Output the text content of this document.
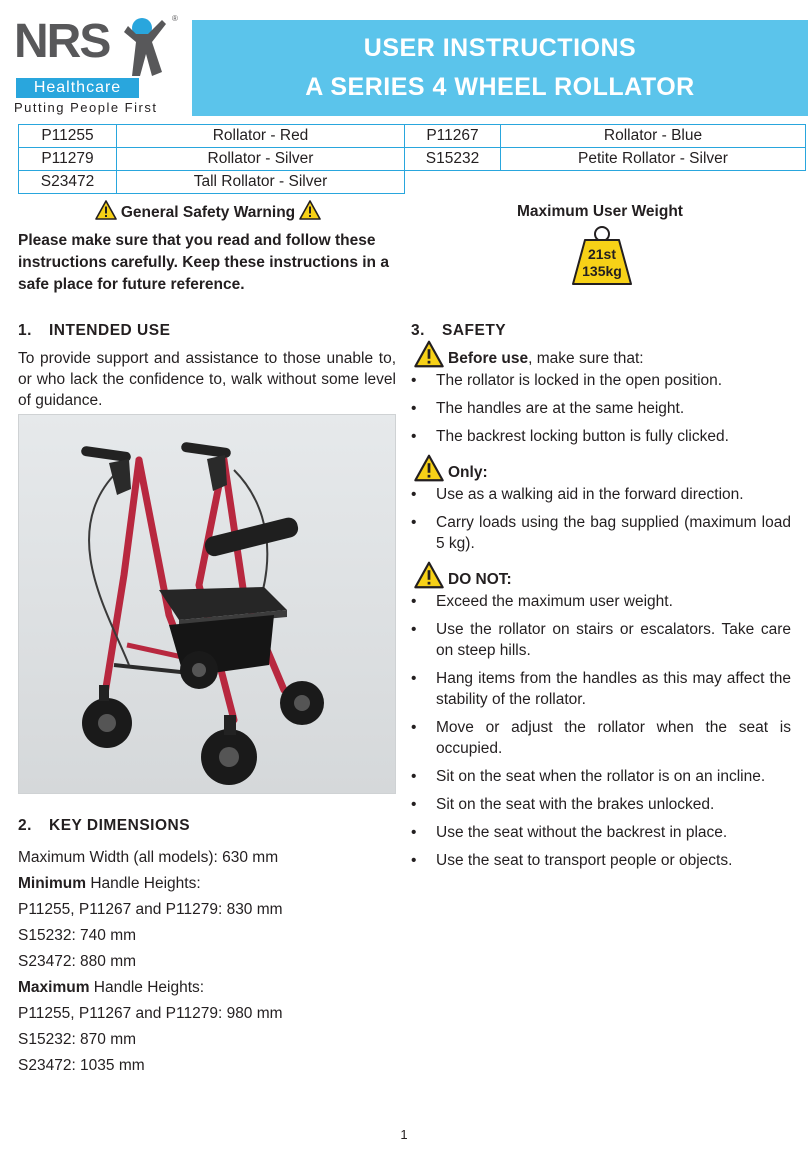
NRS	®
Healthcare
Putting People First
USER INSTRUCTIONS
A SERIES 4 WHEEL ROLLATOR
P11255	Rollator - Red	P11267	Rollator - Blue
P11279	Rollator - Silver	S15232	Petite Rollator - Silver
S23472	Tall Rollator - Silver		
General Safety Warning
Please make sure that you read and follow these instructions carefully. Keep these instructions in a safe place for future reference.
Maximum User Weight
21st
135kg
1. INTENDED USE
To provide support and assistance to those unable to, or who lack the confidence to, walk without some level of guidance.
2. KEY DIMENSIONS
Maximum Width (all models): 630 mm
Minimum Handle Heights:
P11255, P11267 and P11279: 830 mm
S15232: 740 mm
S23472: 880 mm
Maximum Handle Heights:
P11255, P11267 and P11279: 980 mm
S15232: 870 mm
S23472: 1035 mm
3. SAFETY
Before use, make sure that:
• The rollator is locked in the open position.
• The handles are at the same height.
• The backrest locking button is fully clicked.
Only:
• Use as a walking aid in the forward direction.
• Carry loads using the bag supplied (maximum load 5 kg).
DO NOT:
• Exceed the maximum user weight.
• Use the rollator on stairs or escalators. Take care on steep hills.
• Hang items from the handles as this may affect the stability of the rollator.
• Move or adjust the rollator when the seat is occupied.
• Sit on the seat when the rollator is on an incline.
• Sit on the seat with the brakes unlocked.
• Use the seat without the backrest in place.
• Use the seat to transport people or objects.
1
